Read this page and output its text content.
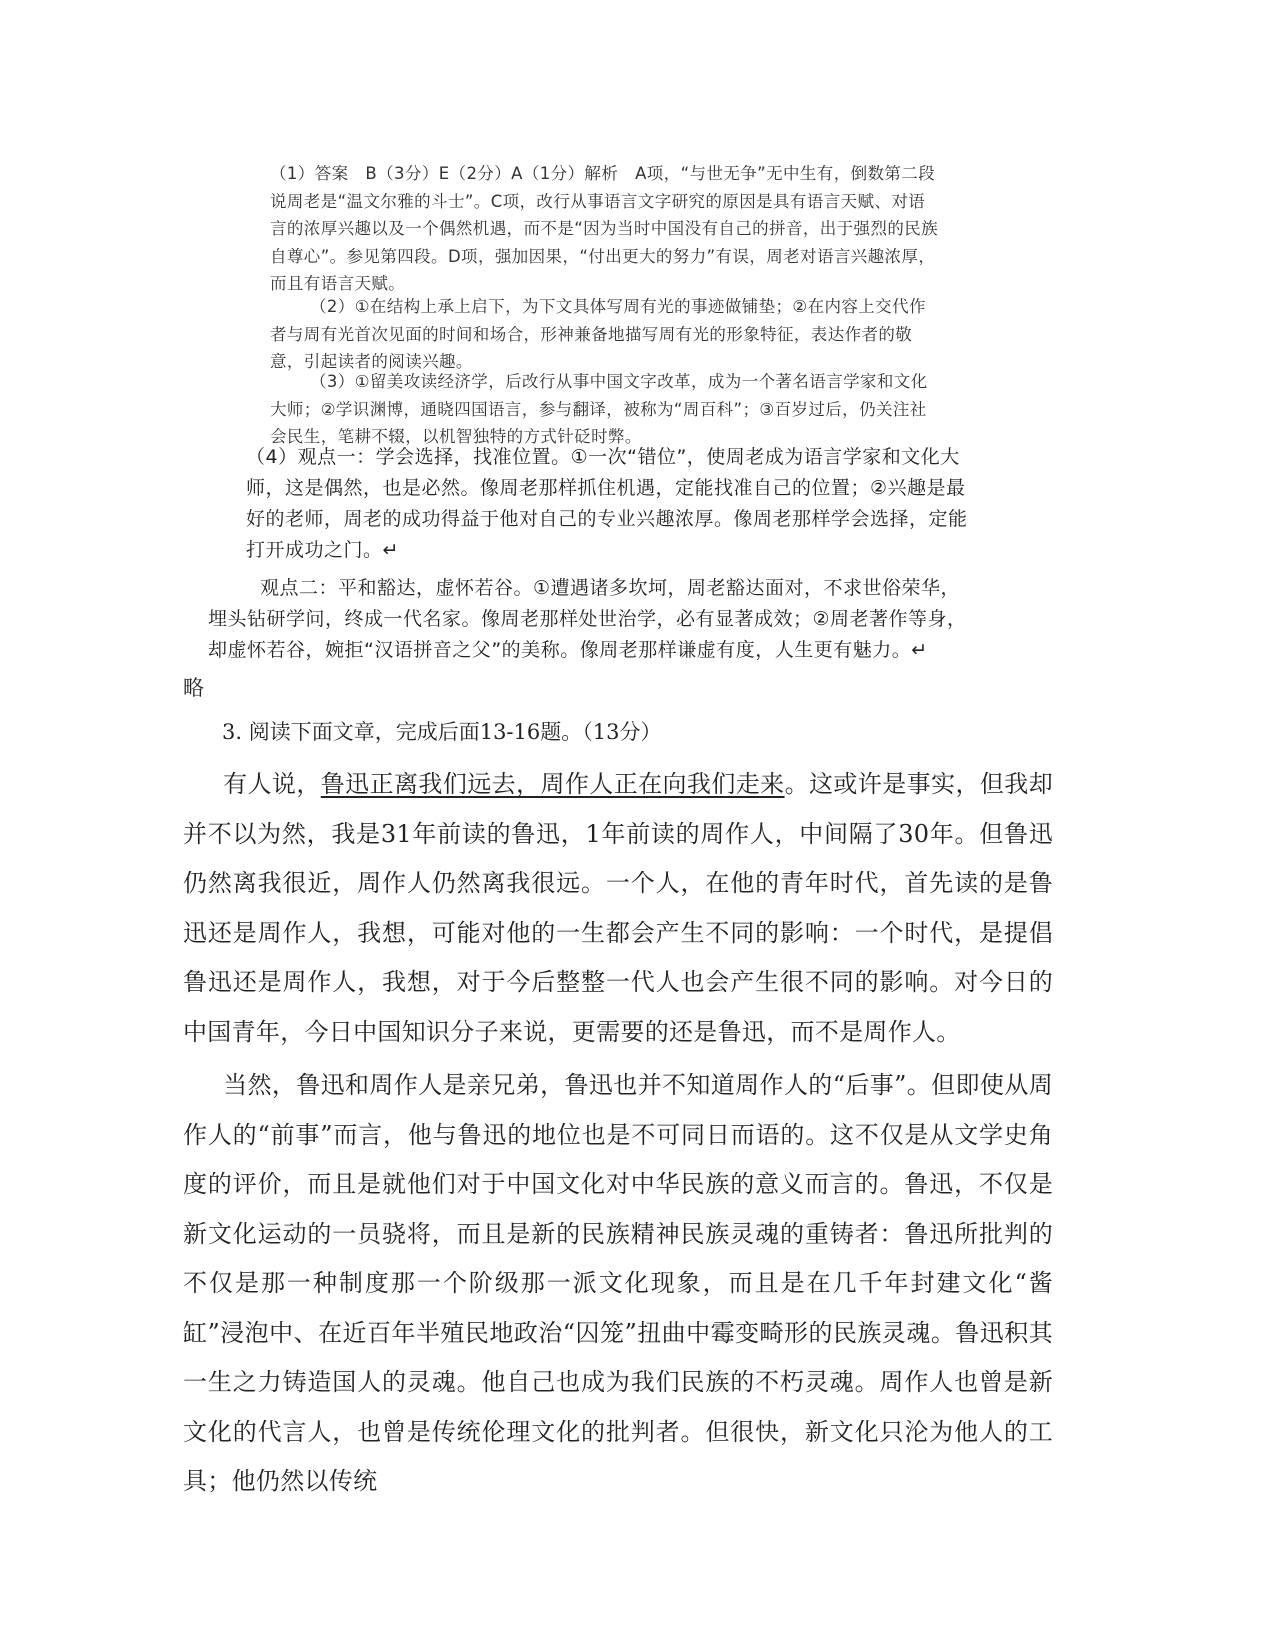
（1）答案　B（3分）E（2分）A（1分）解析　A项，“与世无争”无中生有，倒数第二段说周老是“温文尔雅的斗士”。C项，改行从事语言文字研究的原因是具有语言天赋、对语言的浓厚兴趣以及一个偶然机遇，而不是“因为当时中国没有自己的拼音，出于强烈的民族自尊心”。参见第四段。D项，强加因果，“付出更大的努力”有误，周老对语言兴趣浓厚，而且有语言天赋。

（2）①在结构上承上启下，为下文具体写周有光的事迹做铺垫；②在内容上交代作者与周有光首次见面的时间和场合，形神兼备地描写周有光的形象特征，表达作者的敬意，引起读者的阅读兴趣。

（3）①留美攻读经济学，后改行从事中国文字改革，成为一个著名语言学家和文化大师；②学识渊博，通晓四国语言，参与翻译，被称为“周百科”；③百岁过后，仍关注社会民生，笔耕不辍，以机智独特的方式针砭时弊。

（4）观点一：学会选择，找准位置。①一次“错位”，使周老成为语言学家和文化大师，这是偶然，也是必然。像周老那样抓住机遇，定能找准自己的位置；②兴趣是最好的老师，周老的成功得益于他对自己的专业兴趣浓厚。像周老那样学会选择，定能打开成功之门。↵

观点二：平和豁达，虚怀若谷。①遭遇诸多坎坷，周老豁达面对，不求世俗荣华，埋头钻研学问，终成一代名家。像周老那样处世治学，必有显著成效；②周老著作等身，却虚怀若谷，婉拒“汉语拼音之父”的美称。像周老那样谦虚有度，人生更有魅力。↵

略
3. 阅读下面文章，完成后面13-16题。（13分）

有人说，鲁迅正离我们远去，周作人正在向我们走来。这或许是事实，但我却并不以为然，我是31年前读的鲁迅，1年前读的周作人，中间隔了30年。但鲁迅仍然离我很近，周作人仍然离我很远。一个人，在他的青年时代，首先读的是鲁迅还是周作人，我想，可能对他的一生都会产生不同的影响：一个时代，是提倡鲁迅还是周作人，我想，对于今后整整一代人也会产生很不同的影响。对今日的中国青年，今日中国知识分子来说，更需要的还是鲁迅，而不是周作人。

当然，鲁迅和周作人是亲兄弟，鲁迅也并不知道周作人的“后事”。但即使从周作人的“前事”而言，他与鲁迅的地位也是不可同日而语的。这不仅是从文学史角度的评价，而且是就他们对于中国文化对中华民族的意义而言的。鲁迅，不仅是新文化运动的一员骁将，而且是新的民族精神民族灵魂的重铸者：鲁迅所批判的不仅是那一种制度那一个阶级那一派文化现象，而且是在几千年封建文化“酱缸”浸泡中、在近百年半殖民地政治“囚笼”扭曲中霉变畸形的民族灵魂。鲁迅积其一生之力铸造国人的灵魂。他自己也成为我们民族的不朽灵魂。周作人也曾是新文化的代言人，也曾是传统伦理文化的批判者。但很快，新文化只沦为他人的工具；他仍然以传统
